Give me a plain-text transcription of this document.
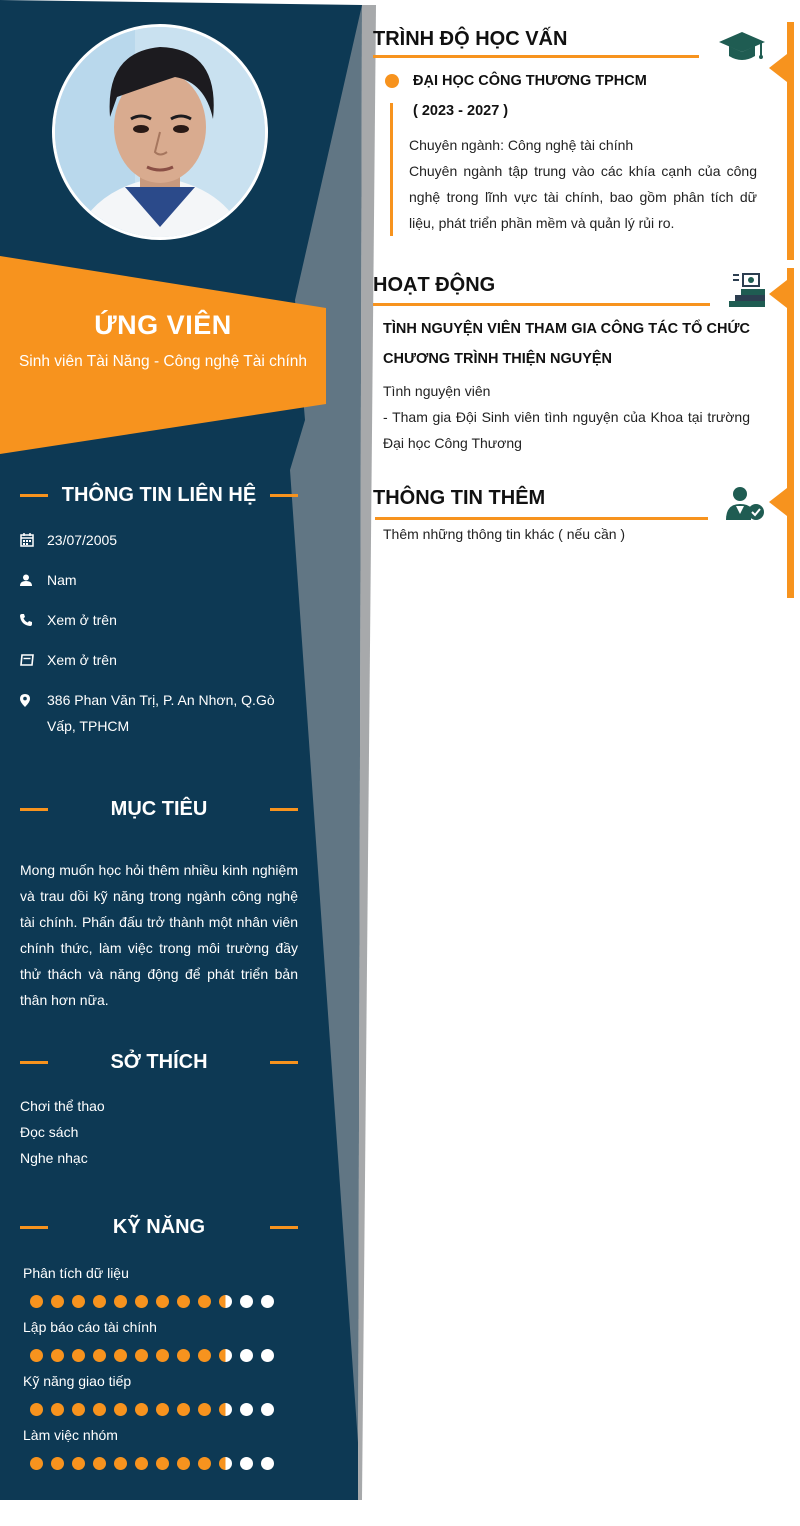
ỨNG VIÊN
Sinh viên Tài Năng - Công nghệ Tài chính
THÔNG TIN LIÊN HỆ
23/07/2005
Nam
Xem ở trên
Xem ở trên
386 Phan Văn Trị, P. An Nhơn, Q.Gò Vấp, TPHCM
MỤC TIÊU
Mong muốn học hỏi thêm nhiều kinh nghiệm và trau dồi kỹ năng trong ngành công nghệ tài chính. Phấn đấu trở thành một nhân viên chính thức, làm việc trong môi trường đầy thử thách và năng động để phát triển bản thân hơn nữa.
SỞ THÍCH
Chơi thể thao
Đọc sách
Nghe nhạc
KỸ NĂNG
Phân tích dữ liệu
Lập báo cáo tài chính
Kỹ năng giao tiếp
Làm việc nhóm
TRÌNH ĐỘ HỌC VẤN
ĐẠI HỌC CÔNG THƯƠNG TPHCM
( 2023 - 2027 )
Chuyên ngành: Công nghệ tài chính
Chuyên ngành tập trung vào các khía cạnh của công nghệ trong lĩnh vực tài chính, bao gồm phân tích dữ liệu, phát triển phần mềm và quản lý rủi ro.
HOẠT ĐỘNG
TÌNH NGUYỆN VIÊN THAM GIA CÔNG TÁC TỔ CHỨC CHƯƠNG TRÌNH THIỆN NGUYỆN
Tình nguyện viên
- Tham gia Đội Sinh viên tình nguyện của Khoa tại trường Đại học Công Thương
THÔNG TIN THÊM
Thêm những thông tin khác ( nếu cần )
